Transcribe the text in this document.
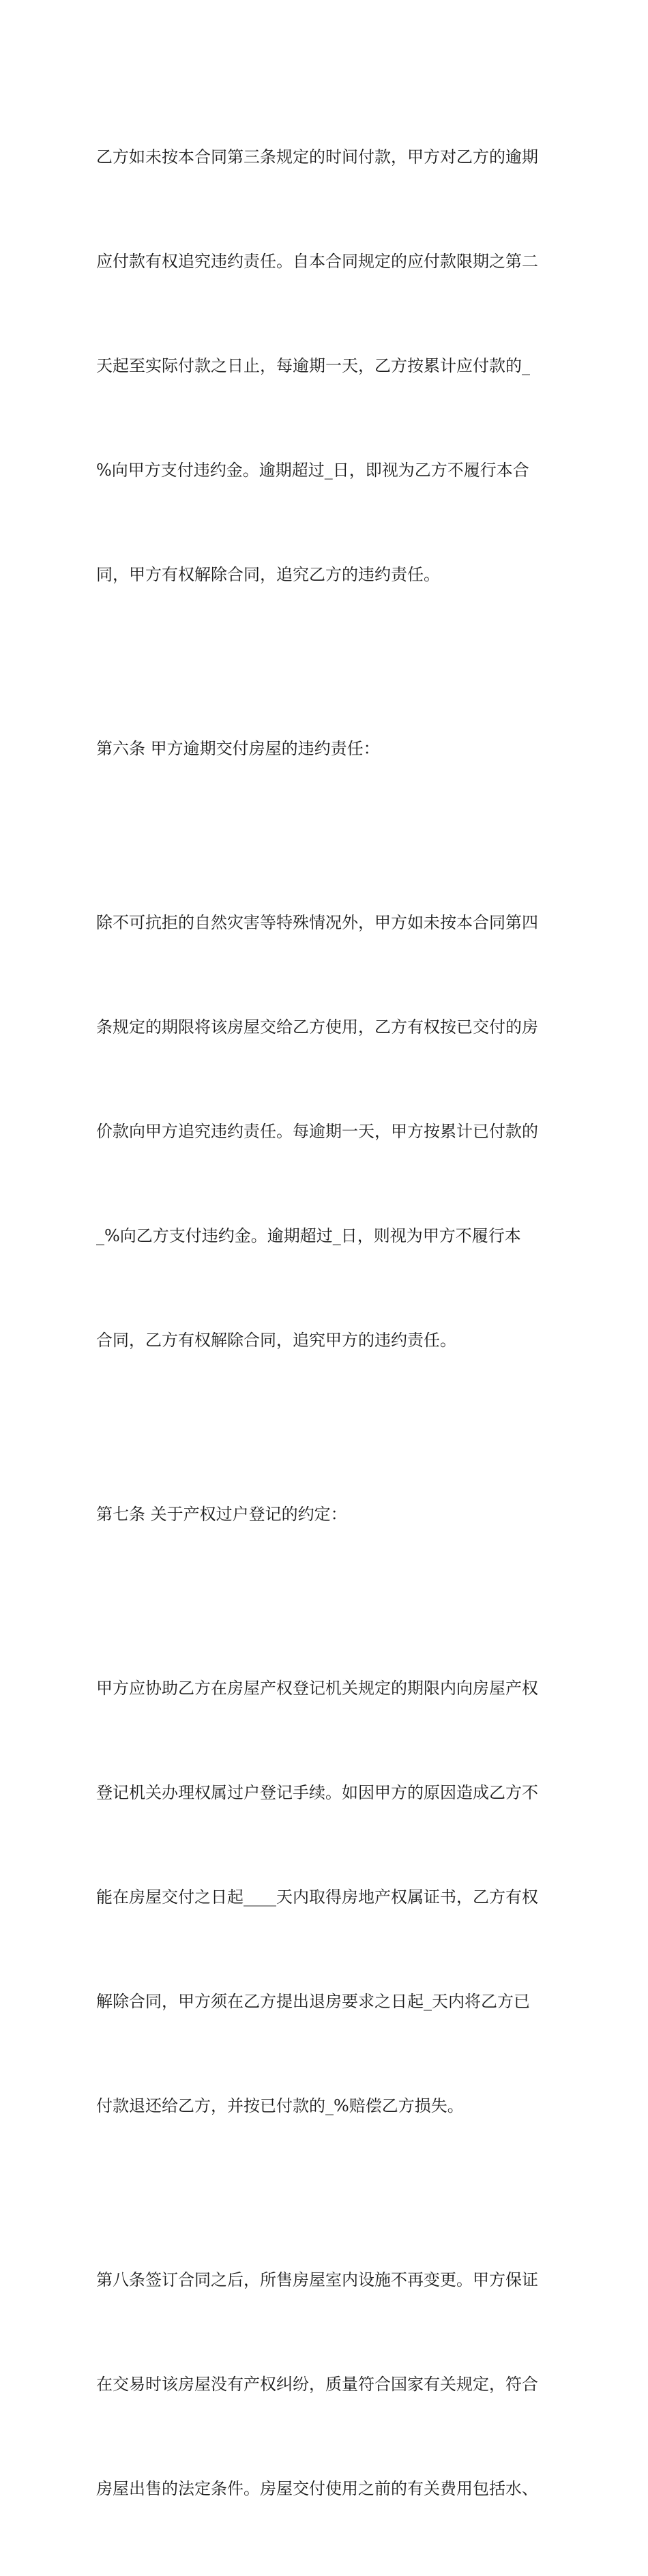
乙方如未按本合同第三条规定的时间付款，甲方对乙方的逾期

应付款有权追究违约责任。自本合同规定的应付款限期之第二

天起至实际付款之日止，每逾期一天，乙方按累计应付款的_

%向甲方支付违约金。逾期超过_日，即视为乙方不履行本合

同，甲方有权解除合同，追究乙方的违约责任。

第六条 甲方逾期交付房屋的违约责任：

除不可抗拒的自然灾害等特殊情况外，甲方如未按本合同第四

条规定的期限将该房屋交给乙方使用，乙方有权按已交付的房

价款向甲方追究违约责任。每逾期一天，甲方按累计已付款的

_%向乙方支付违约金。逾期超过_日，则视为甲方不履行本

合同，乙方有权解除合同，追究甲方的违约责任。

第七条 关于产权过户登记的约定：

甲方应协助乙方在房屋产权登记机关规定的期限内向房屋产权

登记机关办理权属过户登记手续。如因甲方的原因造成乙方不

能在房屋交付之日起____天内取得房地产权属证书，乙方有权

解除合同，甲方须在乙方提出退房要求之日起_天内将乙方已

付款退还给乙方，并按已付款的_%赔偿乙方损失。

第八条签订合同之后，所售房屋室内设施不再变更。甲方保证

在交易时该房屋没有产权纠纷，质量符合国家有关规定，符合

房屋出售的法定条件。房屋交付使用之前的有关费用包括水、
